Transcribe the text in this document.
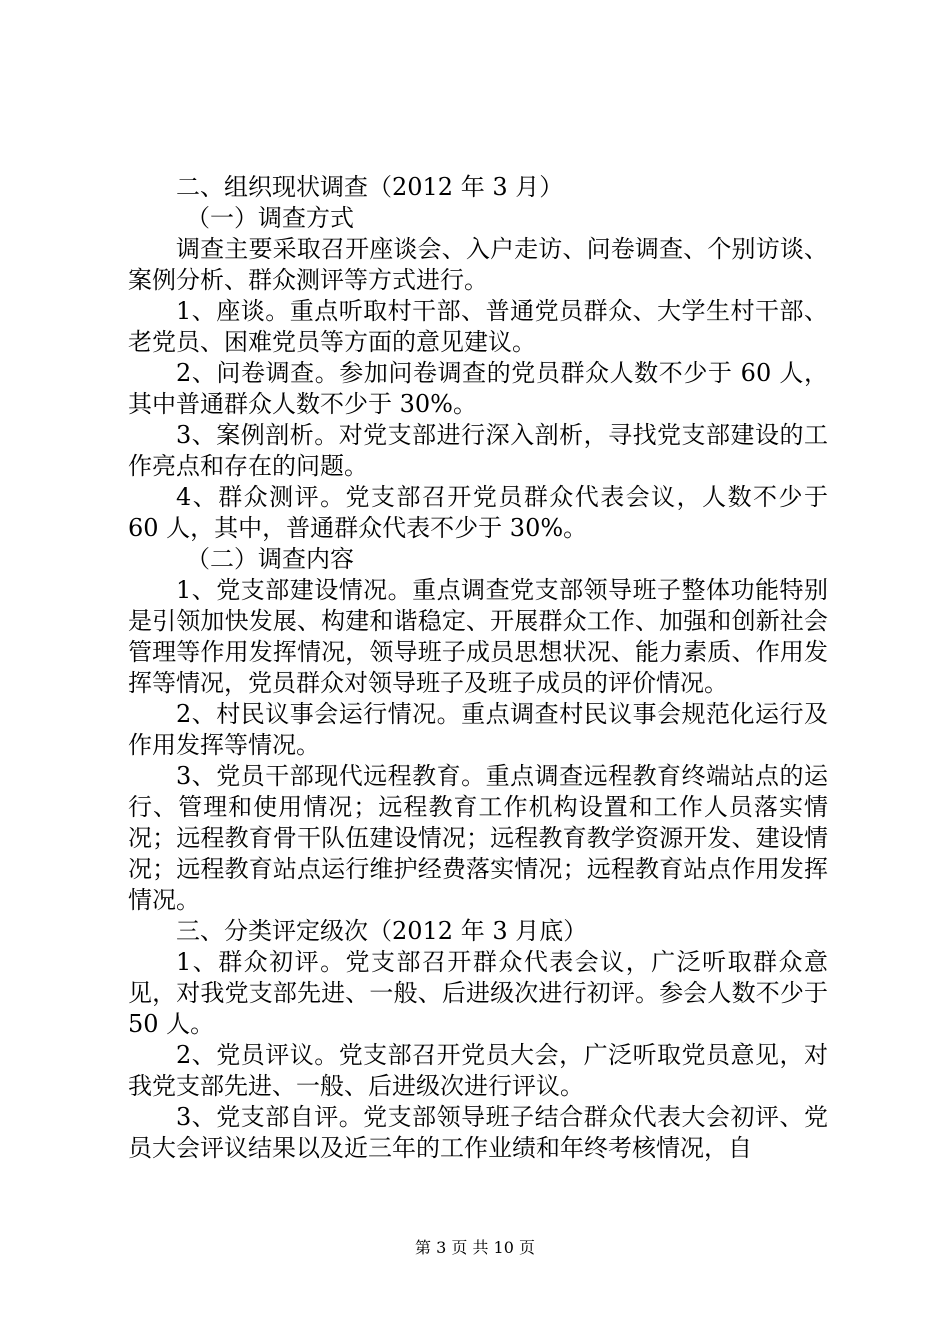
二、组织现状调查（2012 年 3 月）

（一）调查方式

调查主要采取召开座谈会、入户走访、问卷调查、个别访谈、案例分析、群众测评等方式进行。

1、座谈。重点听取村干部、普通党员群众、大学生村干部、老党员、困难党员等方面的意见建议。

2、问卷调查。参加问卷调查的党员群众人数不少于 60 人，其中普通群众人数不少于 30%。

3、案例剖析。对党支部进行深入剖析，寻找党支部建设的工作亮点和存在的问题。

4、群众测评。党支部召开党员群众代表会议，人数不少于 60 人，其中，普通群众代表不少于 30%。

（二）调查内容

1、党支部建设情况。重点调查党支部领导班子整体功能特别是引领加快发展、构建和谐稳定、开展群众工作、加强和创新社会管理等作用发挥情况，领导班子成员思想状况、能力素质、作用发挥等情况，党员群众对领导班子及班子成员的评价情况。

2、村民议事会运行情况。重点调查村民议事会规范化运行及作用发挥等情况。

3、党员干部现代远程教育。重点调查远程教育终端站点的运行、管理和使用情况；远程教育工作机构设置和工作人员落实情况；远程教育骨干队伍建设情况；远程教育教学资源开发、建设情况；远程教育站点运行维护经费落实情况；远程教育站点作用发挥情况。

三、分类评定级次（2012 年 3 月底）

1、群众初评。党支部召开群众代表会议，广泛听取群众意见，对我党支部先进、一般、后进级次进行初评。参会人数不少于 50 人。

2、党员评议。党支部召开党员大会，广泛听取党员意见，对我党支部先进、一般、后进级次进行评议。

3、党支部自评。党支部领导班子结合群众代表大会初评、党员大会评议结果以及近三年的工作业绩和年终考核情况，自

第 3 页 共 10 页
